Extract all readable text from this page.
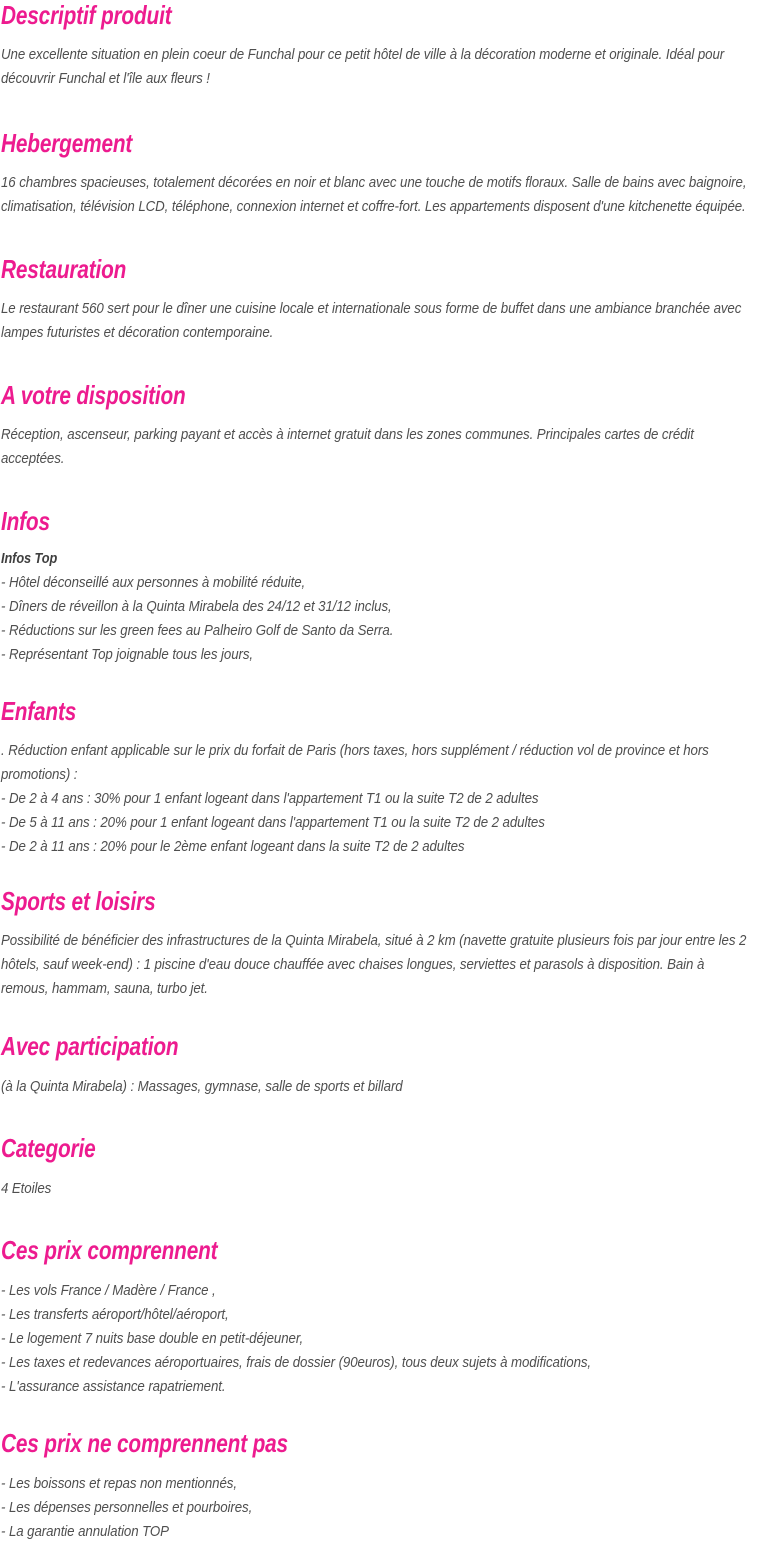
Descriptif produit

Une excellente situation en plein coeur de Funchal pour ce petit hôtel de ville à la décoration moderne et originale. Idéal pour découvrir Funchal et l'île aux fleurs !

Hebergement

16 chambres spacieuses, totalement décorées en noir et blanc avec une touche de motifs floraux. Salle de bains avec baignoire, climatisation, télévision LCD, téléphone, connexion internet et coffre-fort. Les appartements disposent d'une kitchenette équipée.

Restauration

Le restaurant 560 sert pour le dîner une cuisine locale et internationale sous forme de buffet dans une ambiance branchée avec lampes futuristes et décoration contemporaine.

A votre disposition

Réception, ascenseur, parking payant et accès à internet gratuit dans les zones communes. Principales cartes de crédit acceptées.

Infos

Infos Top

- Hôtel déconseillé aux personnes à mobilité réduite,

- Dîners de réveillon à la Quinta Mirabela des 24/12 et 31/12 inclus,

- Réductions sur les green fees au Palheiro Golf de Santo da Serra.

- Représentant Top joignable tous les jours,

Enfants

. Réduction enfant applicable sur le prix du forfait de Paris (hors taxes, hors supplément / réduction vol de province et hors promotions) :

- De 2 à 4 ans : 30% pour 1 enfant logeant dans l'appartement T1 ou la suite T2 de 2 adultes

- De 5 à 11 ans : 20% pour 1 enfant logeant dans l'appartement T1 ou la suite T2 de 2 adultes

- De 2 à 11 ans : 20% pour le 2ème enfant logeant dans la suite T2 de 2 adultes

Sports et loisirs

Possibilité de bénéficier des infrastructures de la Quinta Mirabela, situé à 2 km (navette gratuite plusieurs fois par jour entre les 2 hôtels, sauf week-end) : 1 piscine d'eau douce chauffée avec chaises longues, serviettes et parasols à disposition. Bain à remous, hammam, sauna, turbo jet.

Avec participation

(à la Quinta Mirabela) : Massages, gymnase, salle de sports et billard

Categorie

4 Etoiles

Ces prix comprennent

- Les vols France / Madère / France ,

- Les transferts aéroport/hôtel/aéroport,

- Le logement 7 nuits base double en petit-déjeuner,

- Les taxes et redevances aéroportuaires, frais de dossier (90euros), tous deux sujets à modifications,

- L'assurance assistance rapatriement.

Ces prix ne comprennent pas

- Les boissons et repas non mentionnés,

- Les dépenses personnelles et pourboires,

- La garantie annulation TOP
